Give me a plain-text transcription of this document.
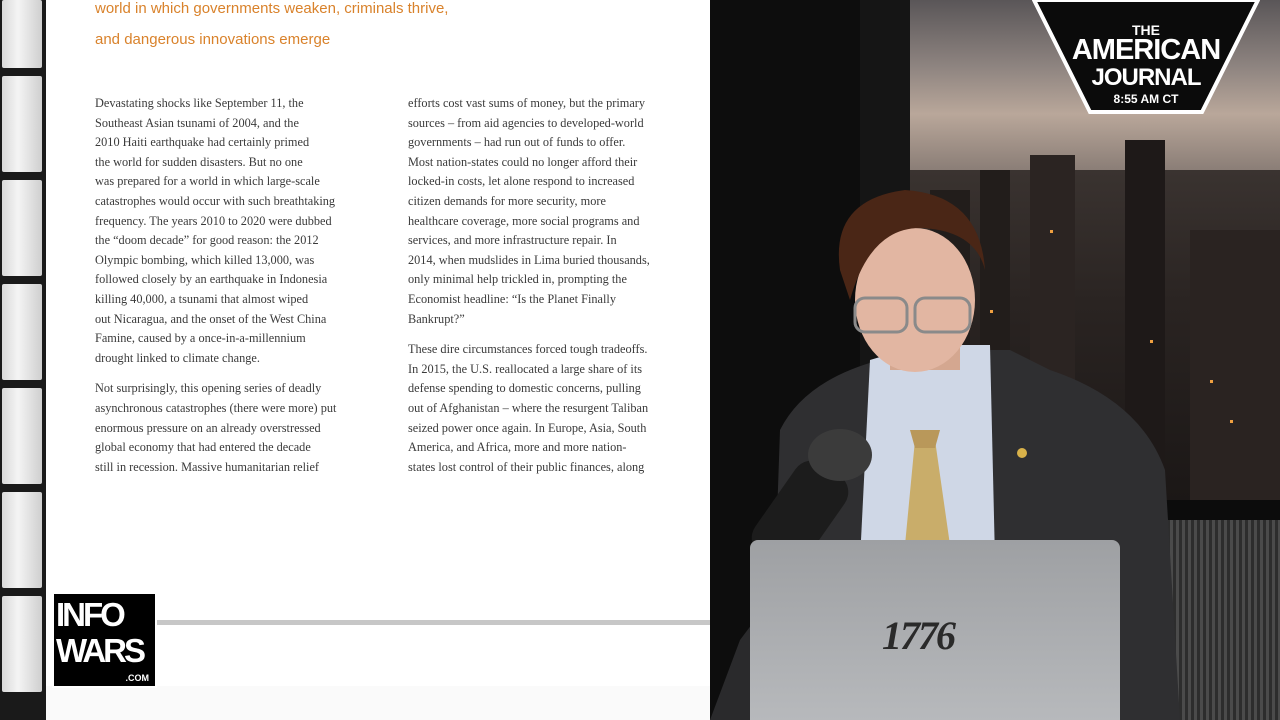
world in which governments weaken, criminals thrive,
and dangerous innovations emerge

Devastating shocks like September 11, the
Southeast Asian tsunami of 2004, and the
2010 Haiti earthquake had certainly primed
the world for sudden disasters. But no one
was prepared for a world in which large-scale
catastrophes would occur with such breathtaking
frequency. The years 2010 to 2020 were dubbed
the “doom decade” for good reason: the 2012
Olympic bombing, which killed 13,000, was
followed closely by an earthquake in Indonesia
killing 40,000, a tsunami that almost wiped
out Nicaragua, and the onset of the West China
Famine, caused by a once-in-a-millennium
drought linked to climate change.

Not surprisingly, this opening series of deadly
asynchronous catastrophes (there were more) put
enormous pressure on an already overstressed
global economy that had entered the decade
still in recession. Massive humanitarian relief

efforts cost vast sums of money, but the primary
sources – from aid agencies to developed-world
governments – had run out of funds to offer.
Most nation-states could no longer afford their
locked-in costs, let alone respond to increased
citizen demands for more security, more
healthcare coverage, more social programs and
services, and more infrastructure repair. In
2014, when mudslides in Lima buried thousands,
only minimal help trickled in, prompting the
Economist headline: “Is the Planet Finally
Bankrupt?”

These dire circumstances forced tough tradeoffs.
In 2015, the U.S. reallocated a large share of its
defense spending to domestic concerns, pulling
out of Afghanistan – where the resurgent Taliban
seized power once again. In Europe, Asia, South
America, and Africa, more and more nation-
states lost control of their public finances, along

1776
THE
AMERICAN
JOURNAL
8:55 AM CT
INFO
WARS
.COM
